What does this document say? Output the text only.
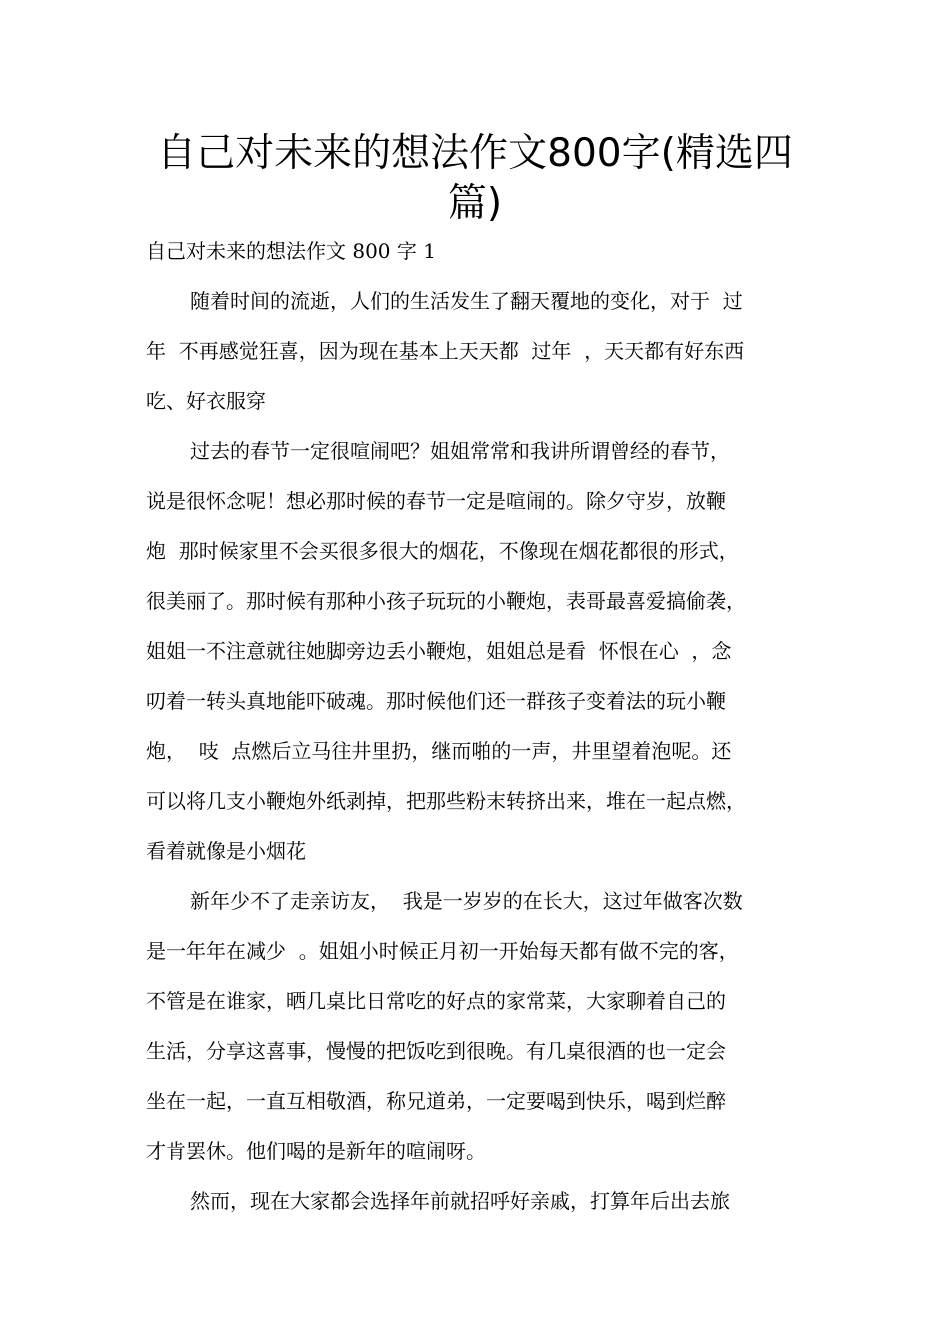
自己对未来的想法作文800字(精选四
篇)
自己对未来的想法作文 800 字 1
随着时间的流逝，人们的生活发生了翻天覆地的变化，对于  过
年  不再感觉狂喜，因为现在基本上天天都  过年  ，天天都有好东西
吃、好衣服穿
过去的春节一定很喧闹吧？姐姐常常和我讲所谓曾经的春节，
说是很怀念呢！想必那时候的春节一定是喧闹的。除夕守岁，放鞭
炮  那时候家里不会买很多很大的烟花，不像现在烟花都很的形式，
很美丽了。那时候有那种小孩子玩玩的小鞭炮，表哥最喜爱搞偷袭，
姐姐一不注意就往她脚旁边丢小鞭炮，姐姐总是看  怀恨在心  ，念
叨着一转头真地能吓破魂。那时候他们还一群孩子变着法的玩小鞭
炮，  吱  点燃后立马往井里扔，继而啪的一声，井里望着泡呢。还
可以将几支小鞭炮外纸剥掉，把那些粉末转挤出来，堆在一起点燃，
看着就像是小烟花
新年少不了走亲访友，  我是一岁岁的在长大，这过年做客次数
是一年年在减少  。姐姐小时候正月初一开始每天都有做不完的客，
不管是在谁家，晒几桌比日常吃的好点的家常菜，大家聊着自己的
生活，分享这喜事，慢慢的把饭吃到很晚。有几桌很酒的也一定会
坐在一起，一直互相敬酒，称兄道弟，一定要喝到快乐，喝到烂醉
才肯罢休。他们喝的是新年的喧闹呀。
然而，现在大家都会选择年前就招呼好亲戚，打算年后出去旅
